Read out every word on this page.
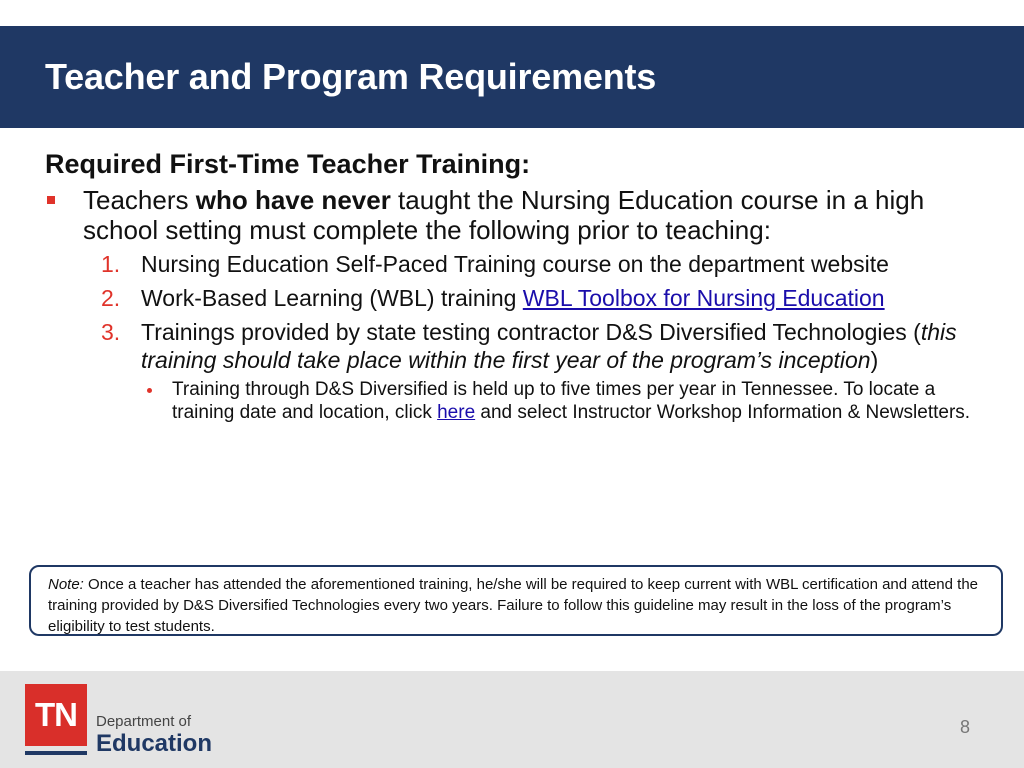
Teacher and Program Requirements

Required First-Time Teacher Training:

Teachers who have never taught the Nursing Education course in a high school setting must complete the following prior to teaching:
1. Nursing Education Self-Paced Training course on the department website
2. Work-Based Learning (WBL) training WBL Toolbox for Nursing Education
3. Trainings provided by state testing contractor D&S Diversified Technologies (this training should take place within the first year of the program’s inception)
Training through D&S Diversified is held up to five times per year in Tennessee. To locate a training date and location, click here and select Instructor Workshop Information & Newsletters.
Note: Once a teacher has attended the aforementioned training, he/she will be required to keep current with WBL certification and attend the training provided by D&S Diversified Technologies every two years. Failure to follow this guideline may result in the loss of the program’s eligibility to test students.
TN	Department of
Education
8
